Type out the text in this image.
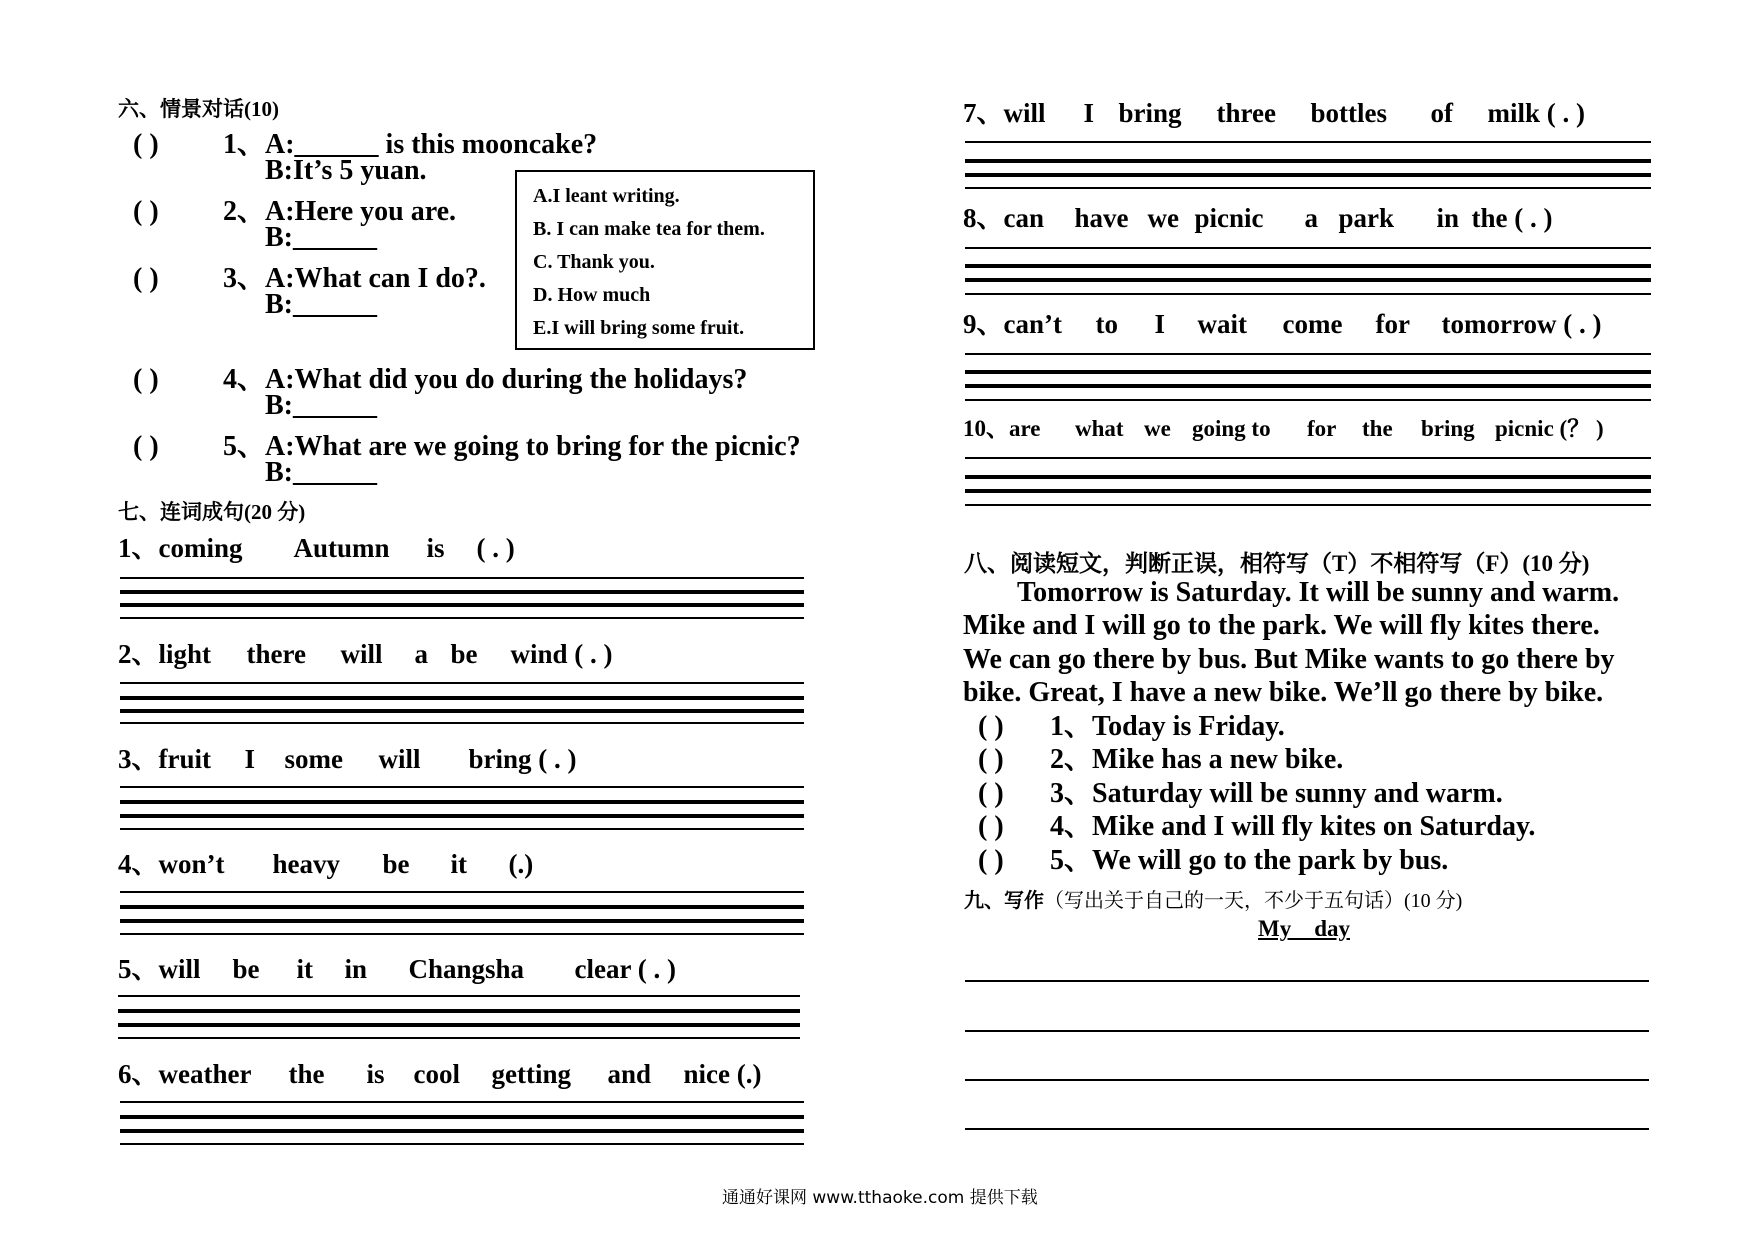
六、情景对话(10)
( ) 1、A:______ is this mooncake?
B:It’s 5 yuan.
( ) 2、A:Here you are.
B:______
( ) 3、A:What can I do?.
B:______
A.I leant writing.
B. I can make tea for them.
C. Thank you.
D. How much
E.I will bring some fruit.
( ) 4、A:What did you do during the holidays?
B:______
( ) 5、A:What are we going to bring for the picnic?
B:______
七、连词成句(20 分)
1、coming Autumn is ( . )
2、light there will a be wind ( . )
3、fruit I some will bring ( . )
4、won’t heavy be it (.)
5、will be it in Changsha clear ( . )
6、weather the is cool getting and nice (.)
7、will I bring three bottles of milk ( . )
8、can have we picnic a park in the ( . )
9、can’t to I wait come for tomorrow ( . )
10、are what we going to for the bring picnic (？ )
八、阅读短文，判断正误，相符写（T）不相符写（F）(10 分)
Tomorrow is Saturday. It will be sunny and warm.
Mike and I will go to the park. We will fly kites there.
We can go there by bus. But Mike wants to go there by
bike. Great, I have a new bike. We’ll go there by bike.
( ) 1、Today is Friday.
( ) 2、Mike has a new bike.
( ) 3、Saturday will be sunny and warm.
( ) 4、Mike and I will fly kites on Saturday.
( ) 5、We will go to the park by bus.
九、写作（写出关于自己的一天，不少于五句话）(10 分)
My    day
通通好课网 www.tthaoke.com 提供下载
